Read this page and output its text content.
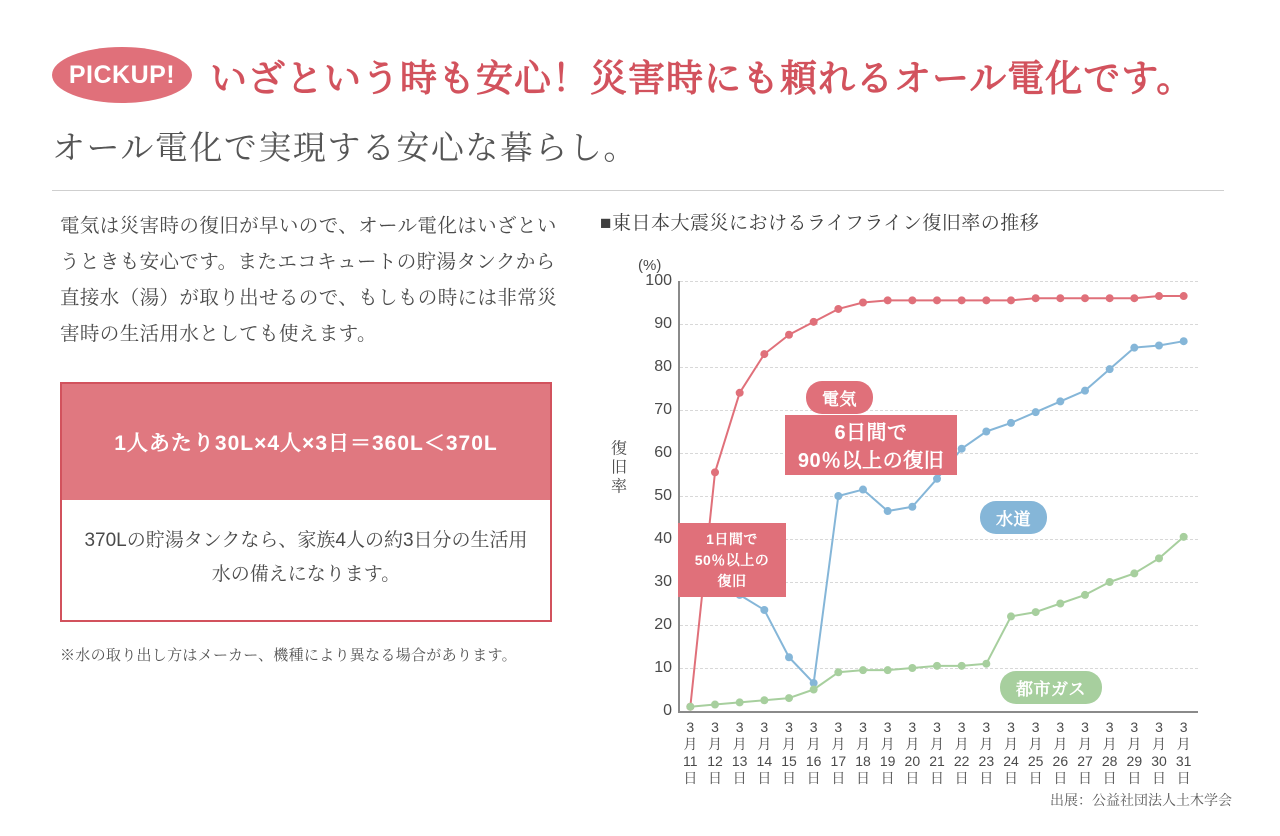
PICKUP! いざという時も安心！災害時にも頼れるオール電化です。
オール電化で実現する安心な暮らし。
電気は災害時の復旧が早いので、オール電化はいざというときも安心です。またエコキュートの貯湯タンクから直接水（湯）が取り出せるので、もしもの時には非常災害時の生活用水としても使えます。
1人あたり30L×4人×3日＝360L＜370L
370Lの貯湯タンクなら、家族4人の約3日分の生活用水の備えになります。
※水の取り出し方はメーカー、機種により異なる場合があります。
■東日本大震災におけるライフライン復旧率の推移
(%)
復旧率
0
10
20
30
40
50
60
70
80
90
100
3
月
11
日
3
月
12
日
3
月
13
日
3
月
14
日
3
月
15
日
3
月
16
日
3
月
17
日
3
月
18
日
3
月
19
日
3
月
20
日
3
月
21
日
3
月
22
日
3
月
23
日
3
月
24
日
3
月
25
日
3
月
26
日
3
月
27
日
3
月
28
日
3
月
29
日
3
月
30
日
3
月
31
日
電気
水道
都市ガス
6日間で
90％以上の復旧
1日間で
50％以上の
復旧
出展：公益社団法人土木学会
